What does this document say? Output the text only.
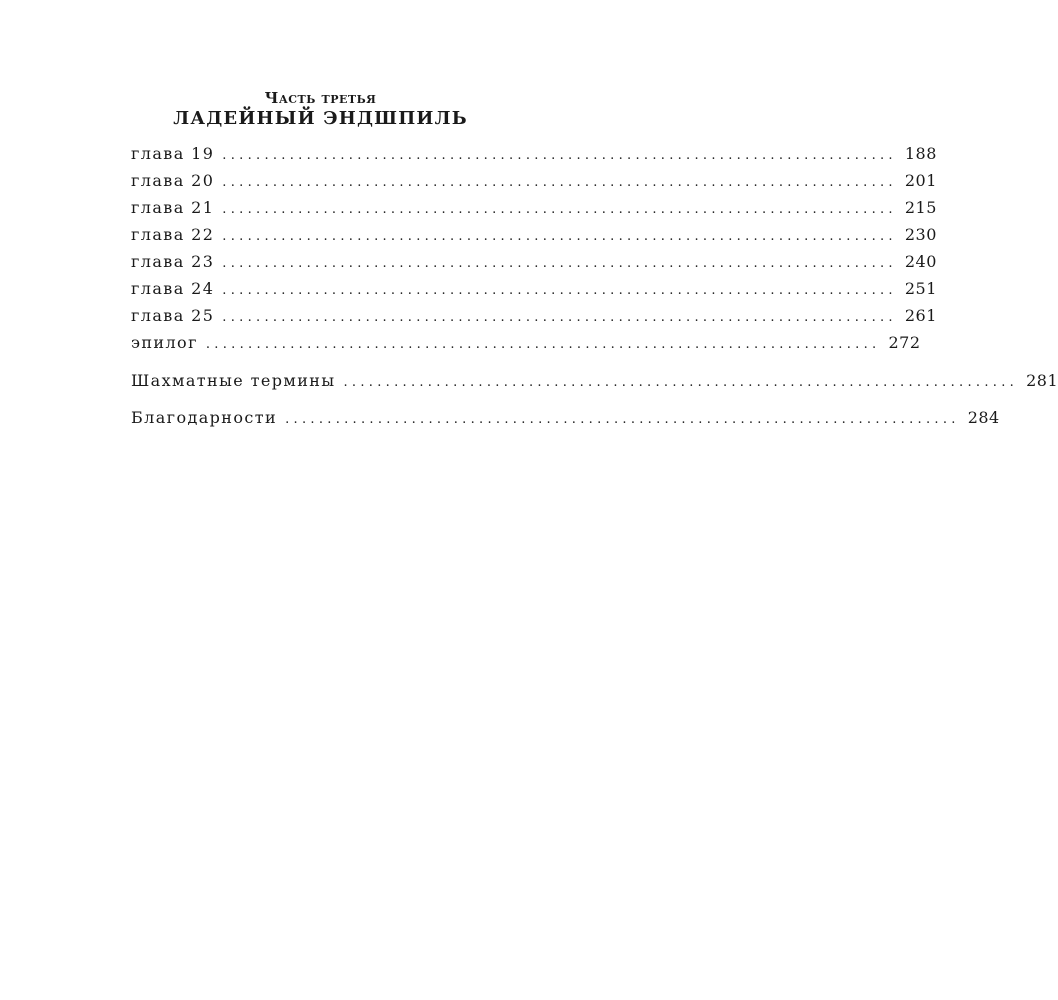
Часть третья
ЛАДЕЙНЫЙ ЭНДШПИЛЬ
глава 19 ................................................................................ 188
глава 20 ................................................................................ 201
глава 21 ................................................................................ 215
глава 22 ................................................................................ 230
глава 23 ................................................................................ 240
глава 24 ................................................................................ 251
глава 25 ................................................................................ 261
эпилог ................................................................................ 272
Шахматные термины ................................................................................ 281
Благодарности ................................................................................ 284
